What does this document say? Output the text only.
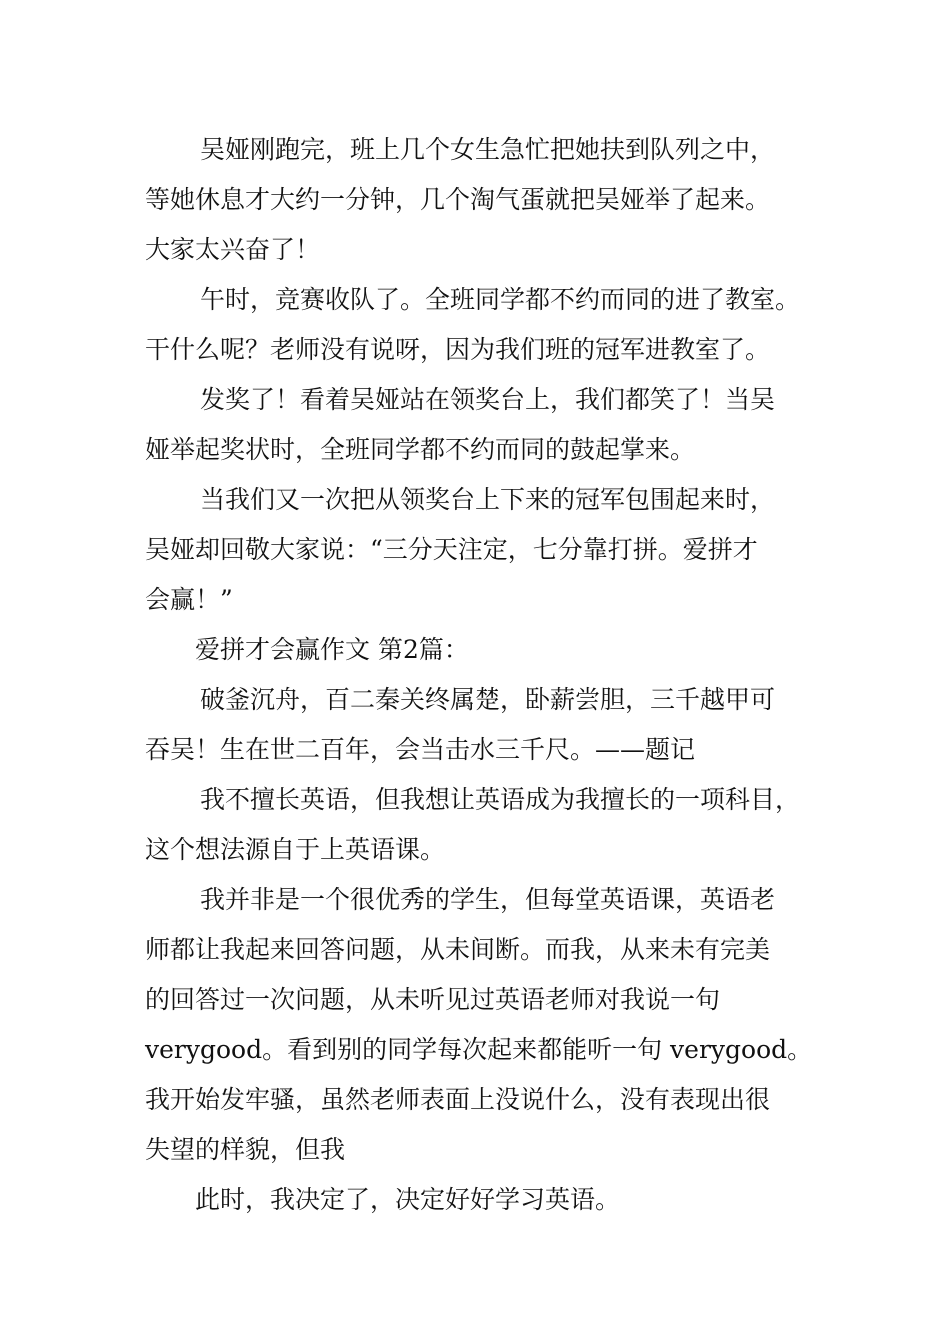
吴娅刚跑完，班上几个女生急忙把她扶到队列之中，
等她休息才大约一分钟，几个淘气蛋就把吴娅举了起来。
大家太兴奋了！
午时，竞赛收队了。全班同学都不约而同的进了教室。
干什么呢？老师没有说呀，因为我们班的冠军进教室了。
发奖了！看着吴娅站在领奖台上，我们都笑了！当吴
娅举起奖状时，全班同学都不约而同的鼓起掌来。
当我们又一次把从领奖台上下来的冠军包围起来时，
吴娅却回敬大家说：“三分天注定，七分靠打拼。爱拼才
会赢！”
爱拼才会赢作文 第2篇：
破釜沉舟，百二秦关终属楚，卧薪尝胆，三千越甲可
吞吴！生在世二百年，会当击水三千尺。——题记
我不擅长英语，但我想让英语成为我擅长的一项科目，
这个想法源自于上英语课。
我并非是一个很优秀的学生，但每堂英语课，英语老
师都让我起来回答问题，从未间断。而我，从来未有完美
的回答过一次问题，从未听见过英语老师对我说一句
verygood。看到别的同学每次起来都能听一句 verygood。
我开始发牢骚，虽然老师表面上没说什么，没有表现出很
失望的样貌，但我
此时，我决定了，决定好好学习英语。
